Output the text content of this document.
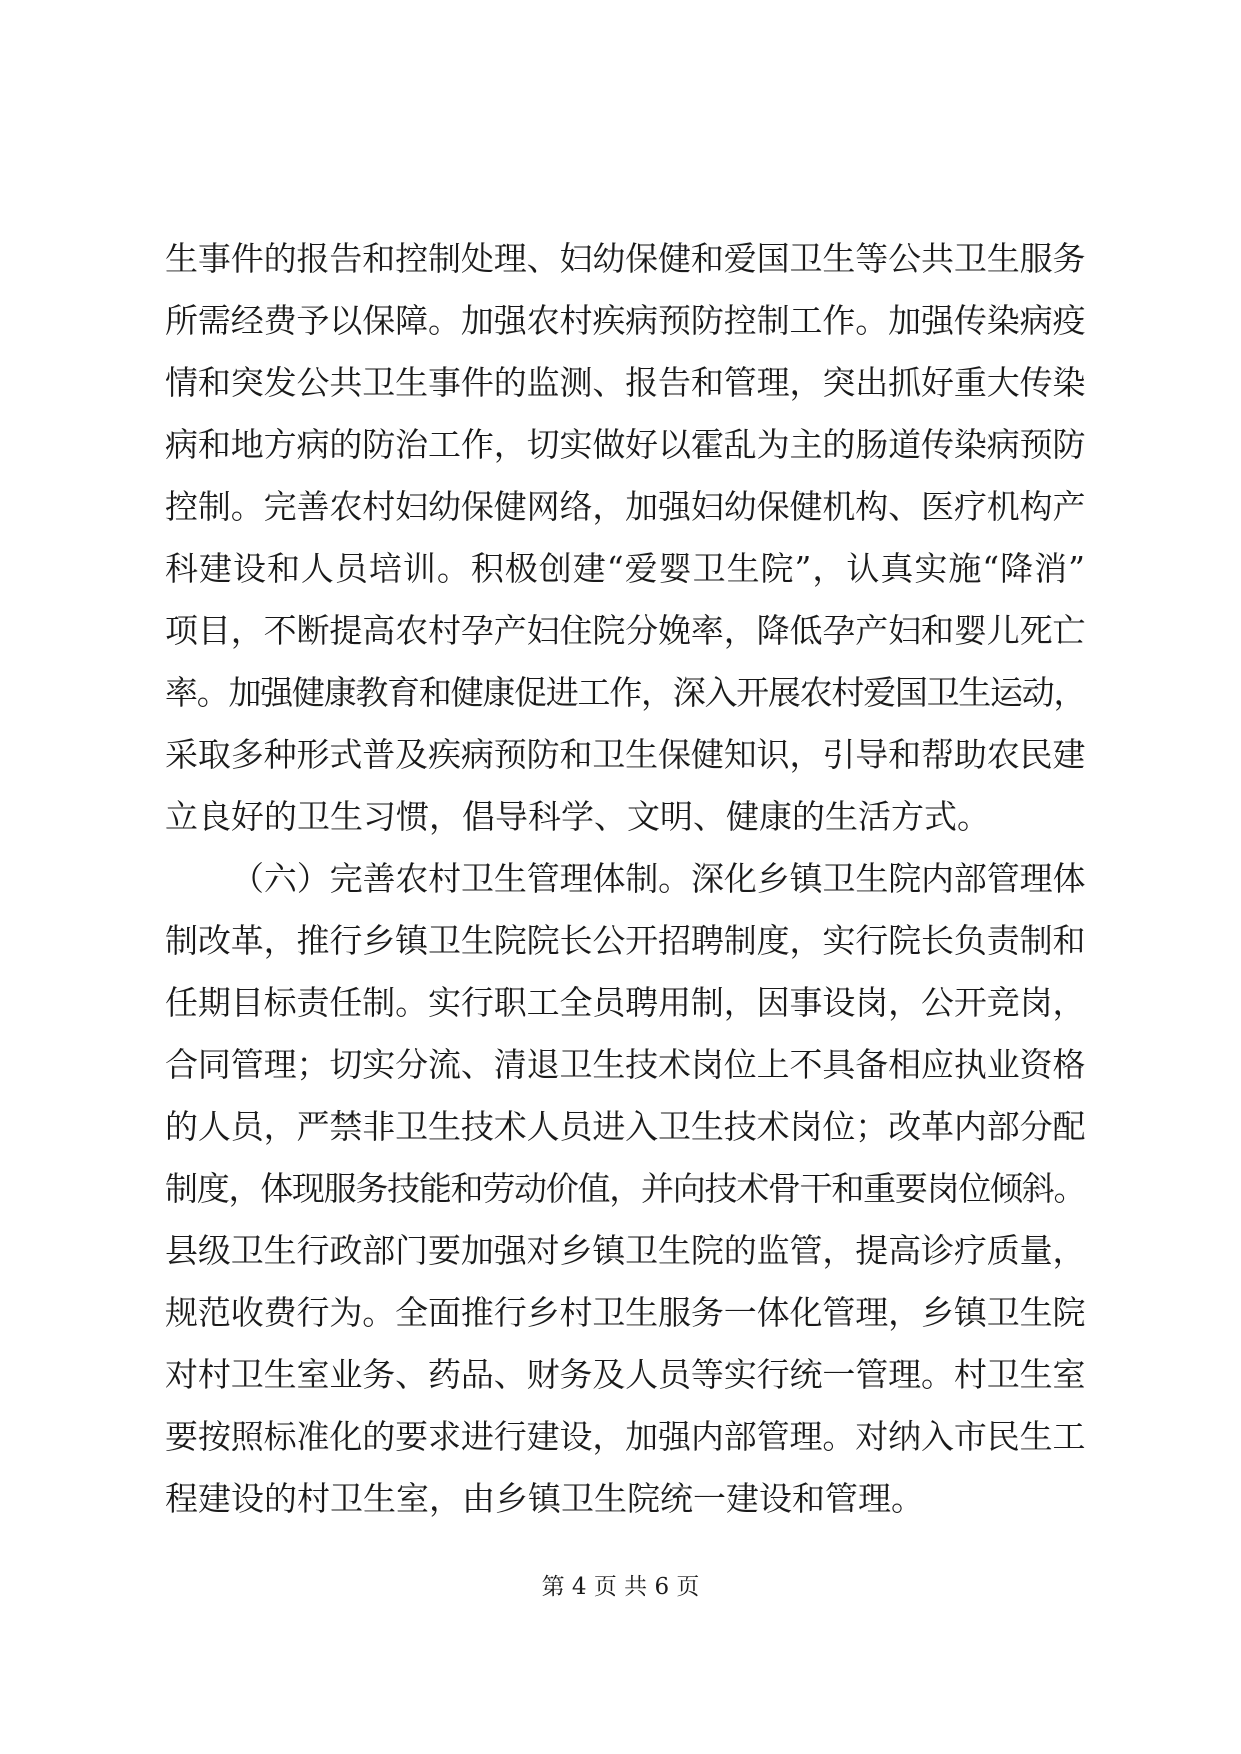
生事件的报告和控制处理、妇幼保健和爱国卫生等公共卫生服务
所需经费予以保障。加强农村疾病预防控制工作。加强传染病疫
情和突发公共卫生事件的监测、报告和管理，突出抓好重大传染
病和地方病的防治工作，切实做好以霍乱为主的肠道传染病预防
控制。完善农村妇幼保健网络，加强妇幼保健机构、医疗机构产
科建设和人员培训。积极创建“爱婴卫生院”，认真实施“降消”
项目，不断提高农村孕产妇住院分娩率，降低孕产妇和婴儿死亡
率。加强健康教育和健康促进工作，深入开展农村爱国卫生运动，
采取多种形式普及疾病预防和卫生保健知识，引导和帮助农民建
立良好的卫生习惯，倡导科学、文明、健康的生活方式。
（六）完善农村卫生管理体制。深化乡镇卫生院内部管理体
制改革，推行乡镇卫生院院长公开招聘制度，实行院长负责制和
任期目标责任制。实行职工全员聘用制，因事设岗，公开竞岗，
合同管理；切实分流、清退卫生技术岗位上不具备相应执业资格
的人员，严禁非卫生技术人员进入卫生技术岗位；改革内部分配
制度，体现服务技能和劳动价值，并向技术骨干和重要岗位倾斜。
县级卫生行政部门要加强对乡镇卫生院的监管，提高诊疗质量，
规范收费行为。全面推行乡村卫生服务一体化管理，乡镇卫生院
对村卫生室业务、药品、财务及人员等实行统一管理。村卫生室
要按照标准化的要求进行建设，加强内部管理。对纳入市民生工
程建设的村卫生室，由乡镇卫生院统一建设和管理。
第 4 页 共 6 页
